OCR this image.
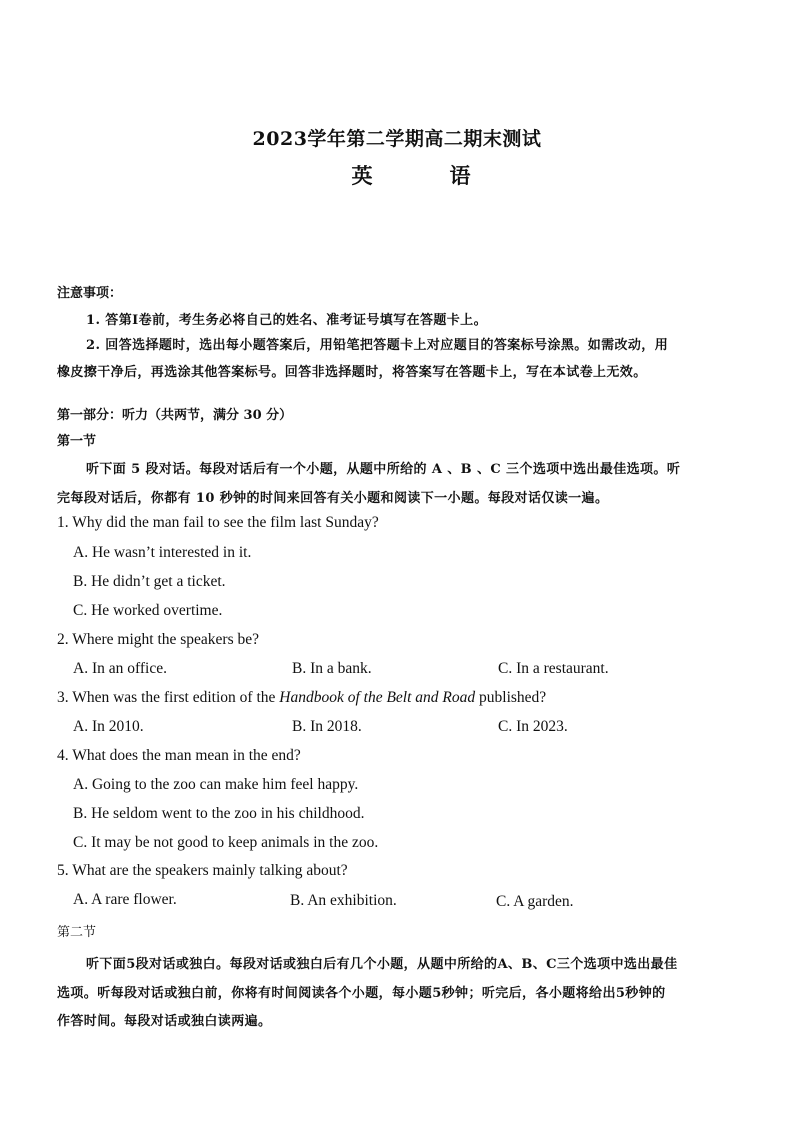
2023学年第二学期高二期末测试
英　语
注意事项：
1. 答第Ⅰ卷前，考生务必将自己的姓名、准考证号填写在答题卡上。
2. 回答选择题时，选出每小题答案后，用铅笔把答题卡上对应题目的答案标号涂黑。如需改动，用
橡皮擦干净后，再选涂其他答案标号。回答非选择题时，将答案写在答题卡上，写在本试卷上无效。
第一部分：听力（共两节，满分 30 分）
第一节
听下面 5 段对话。每段对话后有一个小题，从题中所给的 A 、B 、C 三个选项中选出最佳选项。听
完每段对话后，你都有 10 秒钟的时间来回答有关小题和阅读下一小题。每段对话仅读一遍。
1. Why did the man fail to see the film last Sunday?
A. He wasn’t interested in it.
B. He didn’t get a ticket.
C. He worked overtime.
2. Where might the speakers be?
A. In an office.	B. In a bank.	C. In a restaurant.
3. When was the first edition of the Handbook of the Belt and Road published?
A. In 2010.	B. In 2018.	C. In 2023.
4. What does the man mean in the end?
A. Going to the zoo can make him feel happy.
B. He seldom went to the zoo in his childhood.
C. It may be not good to keep animals in the zoo.
5. What are the speakers mainly talking about?
A. A rare flower.	B. An exhibition.	C. A garden.
第二节
听下面5段对话或独白。每段对话或独白后有几个小题，从题中所给的A、B、C三个选项中选出最佳
选项。听每段对话或独白前，你将有时间阅读各个小题，每小题5秒钟；听完后，各小题将给出5秒钟的
作答时间。每段对话或独白读两遍。
